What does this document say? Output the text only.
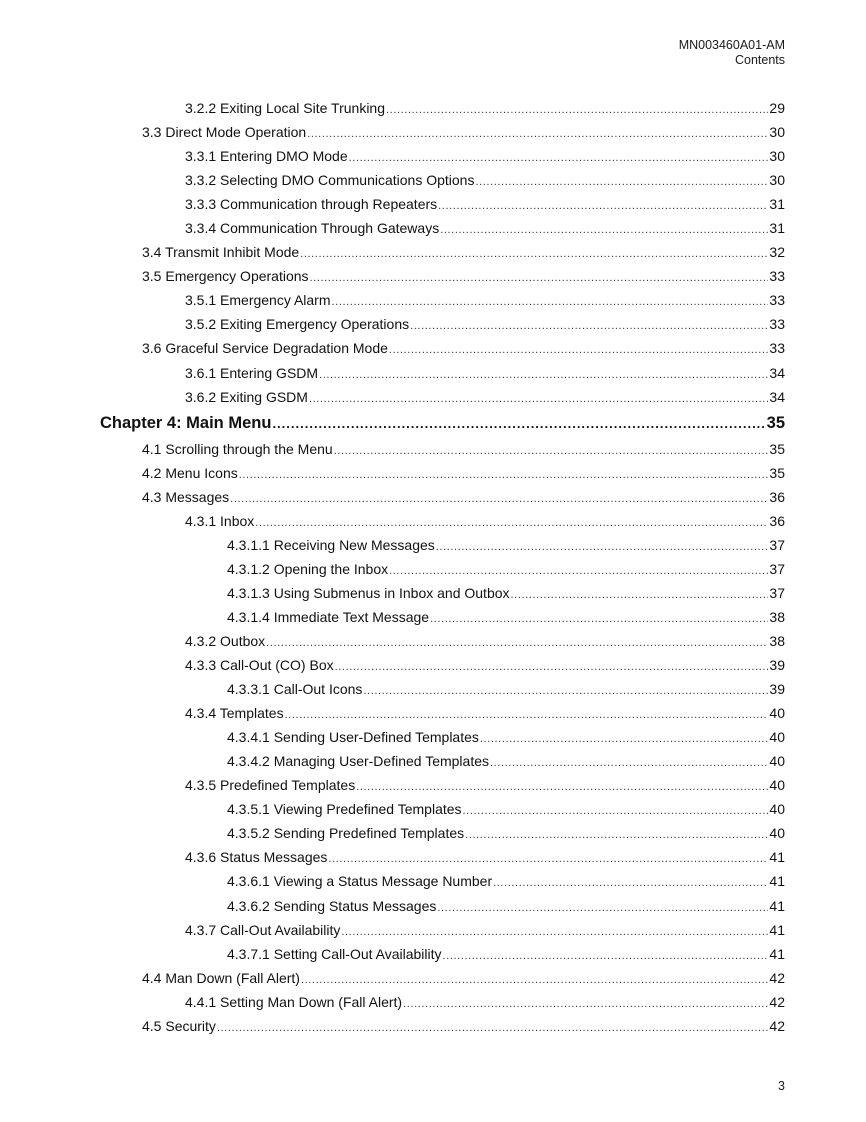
MN003460A01-AM
Contents
3.2.2 Exiting Local Site Trunking .....	29
3.3 Direct Mode Operation .....	30
3.3.1 Entering DMO Mode .....	30
3.3.2 Selecting DMO Communications Options .....	30
3.3.3 Communication through Repeaters .....	31
3.3.4 Communication Through Gateways .....	31
3.4 Transmit Inhibit Mode .....	32
3.5 Emergency Operations .....	33
3.5.1 Emergency Alarm .....	33
3.5.2 Exiting Emergency Operations .....	33
3.6 Graceful Service Degradation Mode .....	33
3.6.1 Entering GSDM .....	34
3.6.2 Exiting GSDM .....	34
Chapter 4: Main Menu .....	35
4.1 Scrolling through the Menu .....	35
4.2 Menu Icons .....	35
4.3 Messages .....	36
4.3.1 Inbox .....	36
4.3.1.1 Receiving New Messages .....	37
4.3.1.2 Opening the Inbox .....	37
4.3.1.3 Using Submenus in Inbox and Outbox .....	37
4.3.1.4 Immediate Text Message .....	38
4.3.2 Outbox .....	38
4.3.3 Call-Out (CO) Box .....	39
4.3.3.1 Call-Out Icons .....	39
4.3.4 Templates .....	40
4.3.4.1 Sending User-Defined Templates .....	40
4.3.4.2 Managing User-Defined Templates .....	40
4.3.5 Predefined Templates .....	40
4.3.5.1 Viewing Predefined Templates .....	40
4.3.5.2 Sending Predefined Templates .....	40
4.3.6 Status Messages .....	41
4.3.6.1 Viewing a Status Message Number .....	41
4.3.6.2 Sending Status Messages .....	41
4.3.7 Call-Out Availability .....	41
4.3.7.1 Setting Call-Out Availability .....	41
4.4 Man Down (Fall Alert) .....	42
4.4.1 Setting Man Down (Fall Alert) .....	42
4.5 Security .....	42
3
